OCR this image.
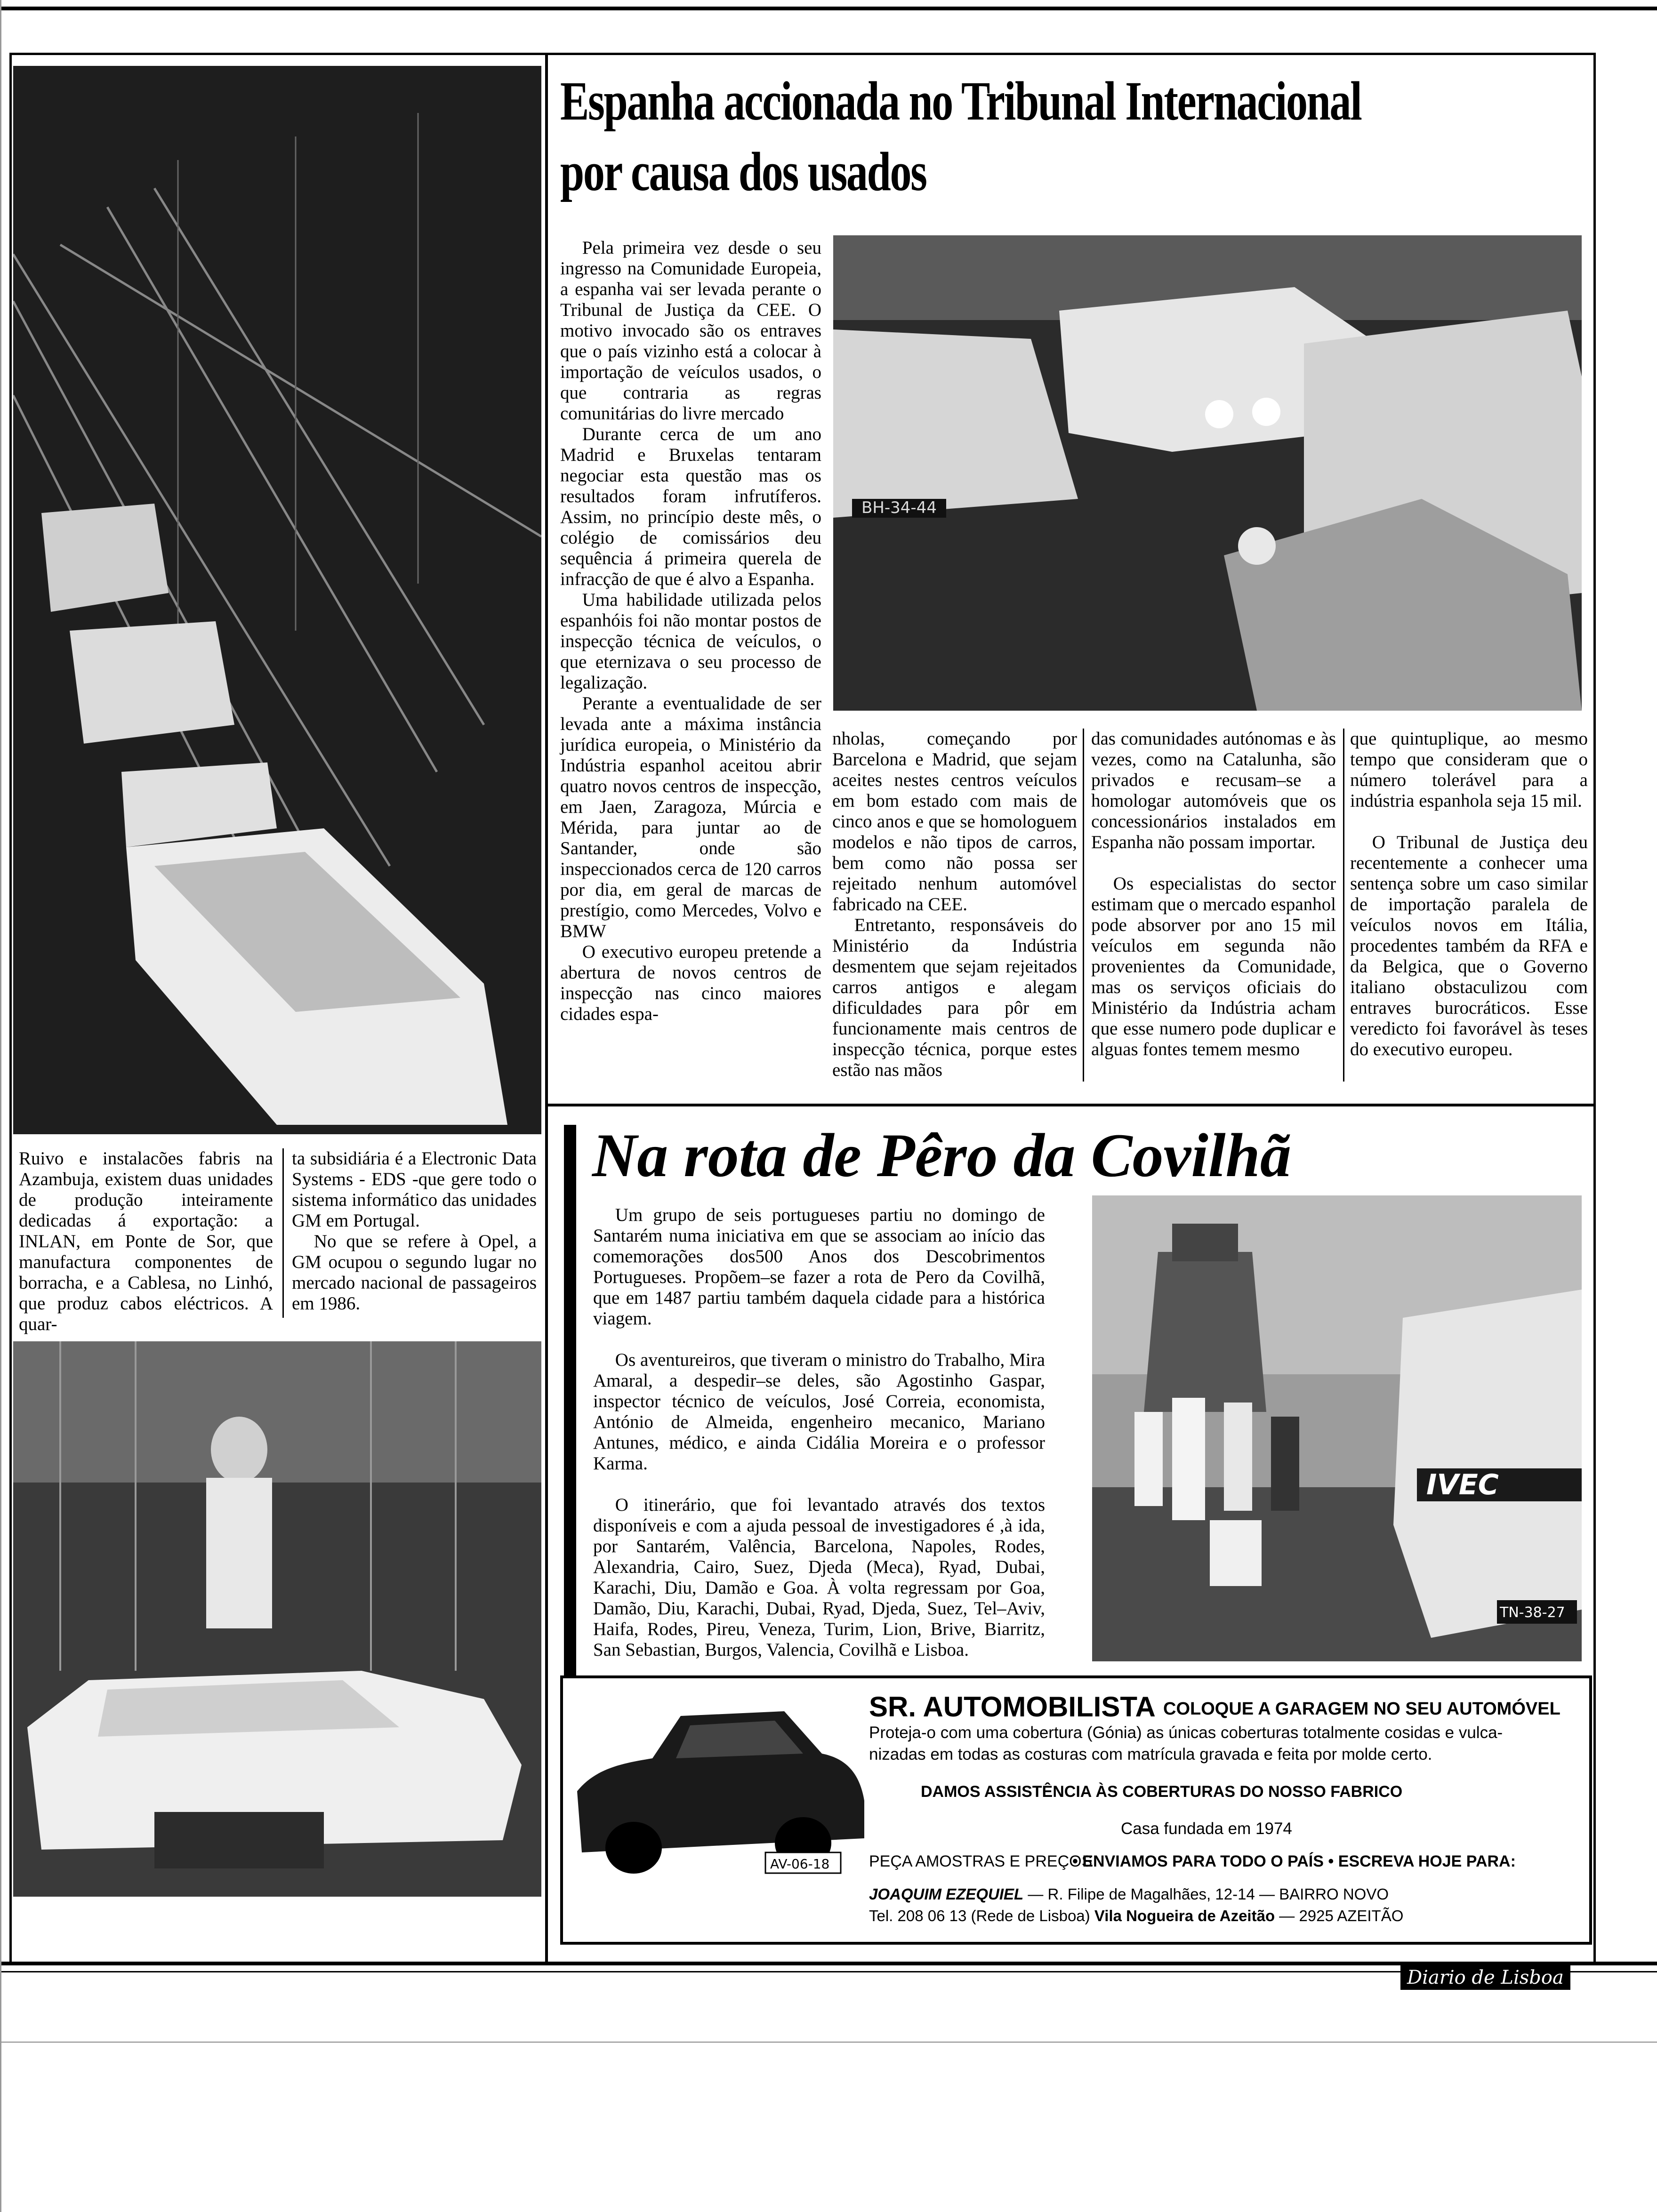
Diario de Lisboa

Ruivo e instalacões fabris na Azambuja, existem duas unidades de produção inteiramente dedicadas á exportação: a INLAN, em Ponte de Sor, que manufactura componentes de borracha, e a Cablesa, no Linhó, que produz cabos eléctricos. A quar-

ta subsidiária é a Electronic Data Systems - EDS -que gere todo o sistema informático das unidades GM em Portugal.

No que se refere à Opel, a GM ocupou o segundo lugar no mercado nacional de passageiros em 1986.

Espanha accionada no Tribunal Internacional
por causa dos usados
BH-34-44

Pela primeira vez desde o seu ingresso na Comunidade Europeia, a espanha vai ser levada perante o Tribunal de Justiça da CEE. O motivo invocado são os entraves que o país vizinho está a colocar à importação de veículos usados, o que contraria as regras comunitárias do livre mercado

Durante cerca de um ano Madrid e Bruxelas tentaram negociar esta questão mas os resultados foram infrutíferos. Assim, no princípio deste mês, o colégio de comissários deu sequência á primeira querela de infracção de que é alvo a Espanha.

Uma habilidade utilizada pelos espanhóis foi não montar postos de inspecção técnica de veículos, o que eternizava o seu processo de legalização.

Perante a eventualidade de ser levada ante a máxima instância jurídica europeia, o Ministério da Indústria espanhol aceitou abrir quatro novos centros de inspecção, em Jaen, Zaragoza, Múrcia e Mérida, para juntar ao de Santander, onde são inspeccionados cerca de 120 carros por dia, em geral de marcas de prestígio, como Mercedes, Volvo e BMW

O executivo europeu pretende a abertura de novos centros de inspecção nas cinco maiores cidades espa-

nholas, começando por Barcelona e Madrid, que sejam aceites nestes centros veículos em bom estado com mais de cinco anos e que se homologuem modelos e não tipos de carros, bem como não possa ser rejeitado nenhum automóvel fabricado na CEE.

Entretanto, responsáveis do Ministério da Indústria desmentem que sejam rejeitados carros antigos e alegam dificuldades para pôr em funcionamente mais centros de inspecção técnica, porque estes estão nas mãos

das comunidades autónomas e às vezes, como na Catalunha, são privados e recusam–se a homologar automóveis que os concessionários instalados em Espanha não possam importar.

Os especialistas do sector estimam que o mercado espanhol pode absorver por ano 15 mil veículos em segunda não provenientes da Comunidade, mas os serviços oficiais do Ministério da Indústria acham que esse numero pode duplicar e alguas fontes temem mesmo

que quintuplique, ao mesmo tempo que consideram que o número tolerável para a indústria espanhola seja 15 mil.

O Tribunal de Justiça deu recentemente a conhecer uma sentença sobre um caso similar de importação paralela de veículos novos em Itália, procedentes também da RFA e da Belgica, que o Governo italiano obstaculizou com entraves burocráticos. Esse veredicto foi favorável às teses do executivo europeu.

Na rota de Pêro da Covilhã

Um grupo de seis portugueses partiu no domingo de Santarém numa iniciativa em que se associam ao início das comemorações dos500 Anos dos Descobrimentos Portugueses. Propõem–se fazer a rota de Pero da Covilhã, que em 1487 partiu também daquela cidade para a histórica viagem.

Os aventureiros, que tiveram o ministro do Trabalho, Mira Amaral, a despedir–se deles, são Agostinho Gaspar, inspector técnico de veículos, José Correia, economista, António de Almeida, engenheiro mecanico, Mariano Antunes, médico, e ainda Cidália Moreira e o professor Karma.

O itinerário, que foi levantado através dos textos disponíveis e com a ajuda pessoal de investigadores é ,à ida, por Santarém, Valência, Barcelona, Napoles, Rodes, Alexandria, Cairo, Suez, Djeda (Meca), Ryad, Dubai, Karachi, Diu, Damão e Goa. À volta regressam por Goa, Damão, Diu, Karachi, Dubai, Ryad, Djeda, Suez, Tel–Aviv, Haifa, Rodes, Pireu, Veneza, Turim, Lion, Brive, Biarritz, San Sebastian, Burgos, Valencia, Covilhã e Lisboa.

IVEC
TN-38-27
AV-06-18
SR. AUTOMOBILISTA COLOQUE A GARAGEM NO SEU AUTOMÓVEL
Proteja-o com uma cobertura (Gónia) as únicas coberturas totalmente cosidas e vulca-
nizadas em todas as costuras com matrícula gravada e feita por molde certo.
DAMOS ASSISTÊNCIA ÀS COBERTURAS DO NOSSO FABRICO
Casa fundada em 1974
PEÇA AMOSTRAS E PREÇOS
• ENVIAMOS PARA TODO O PAÍS • ESCREVA HOJE PARA:
JOAQUIM EZEQUIEL — R. Filipe de Magalhães, 12-14 — BAIRRO NOVO
Tel. 208 06 13 (Rede de Lisboa) Vila Nogueira de Azeitão — 2925 AZEITÃO
